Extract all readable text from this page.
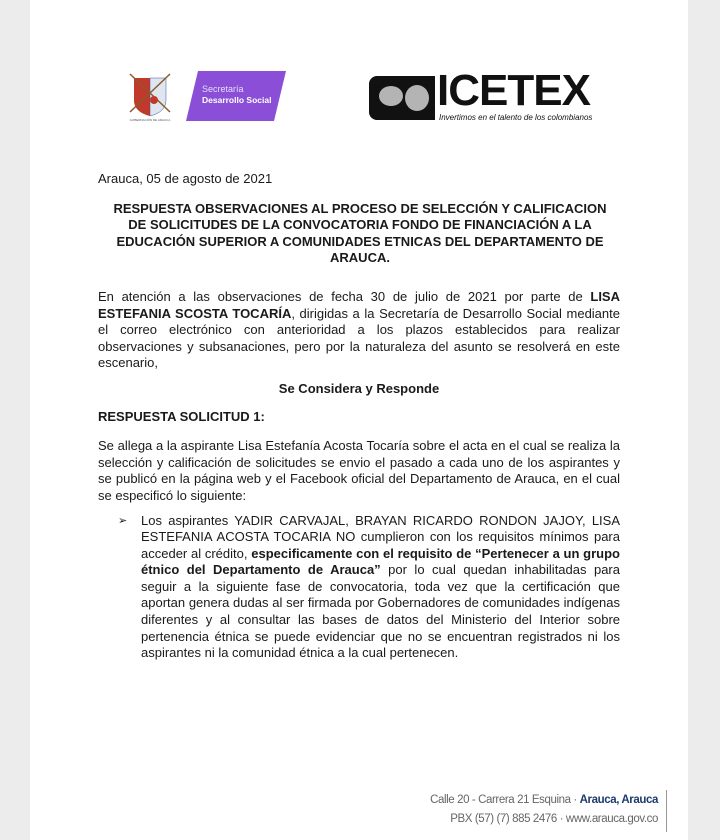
GOBERNACIÓN DE ARAUCA
Secretaría
Desarrollo Social	ICETEX
Invertimos en el talento de los colombianos
Arauca, 05 de agosto de 2021
RESPUESTA OBSERVACIONES AL PROCESO DE SELECCIÓN Y CALIFICACION DE SOLICITUDES DE LA CONVOCATORIA FONDO DE FINANCIACIÓN A LA EDUCACIÓN SUPERIOR A COMUNIDADES ETNICAS DEL DEPARTAMENTO DE ARAUCA.
En atención a las observaciones de fecha 30 de julio de 2021 por parte de LISA ESTEFANIA SCOSTA TOCARÍA, dirigidas a la Secretaría de Desarrollo Social mediante el correo electrónico con anterioridad a los plazos establecidos para realizar observaciones y subsanaciones, pero por la naturaleza del asunto se resolverá en este escenario,
Se Considera y Responde
RESPUESTA SOLICITUD 1:
Se allega a la aspirante Lisa Estefanía Acosta Tocaría sobre el acta en el cual se realiza la selección y calificación de solicitudes se envio el pasado a cada uno de los aspirantes y se publicó en la página web y el Facebook oficial del Departamento de Arauca, en el cual se especificó lo siguiente:
➢	Los aspirantes YADIR CARVAJAL, BRAYAN RICARDO RONDON JAJOY, LISA ESTEFANIA ACOSTA TOCARIA NO cumplieron con los requisitos mínimos para acceder al crédito, especificamente con el requisito de “Pertenecer a un grupo étnico del Departamento de Arauca” por lo cual quedan inhabilitadas para seguir a la siguiente fase de convocatoria, toda vez que la certificación que aportan genera dudas al ser firmada por Gobernadores de comunidades indígenas diferentes y al consultar las bases de datos del Ministerio del Interior sobre pertenencia étnica se puede evidenciar que no se encuentran registrados ni los aspirantes ni la comunidad étnica a la cual pertenecen.
Calle 20 - Carrera 21 Esquina · Arauca, Arauca
PBX (57) (7) 885 2476 · www.arauca.gov.co
